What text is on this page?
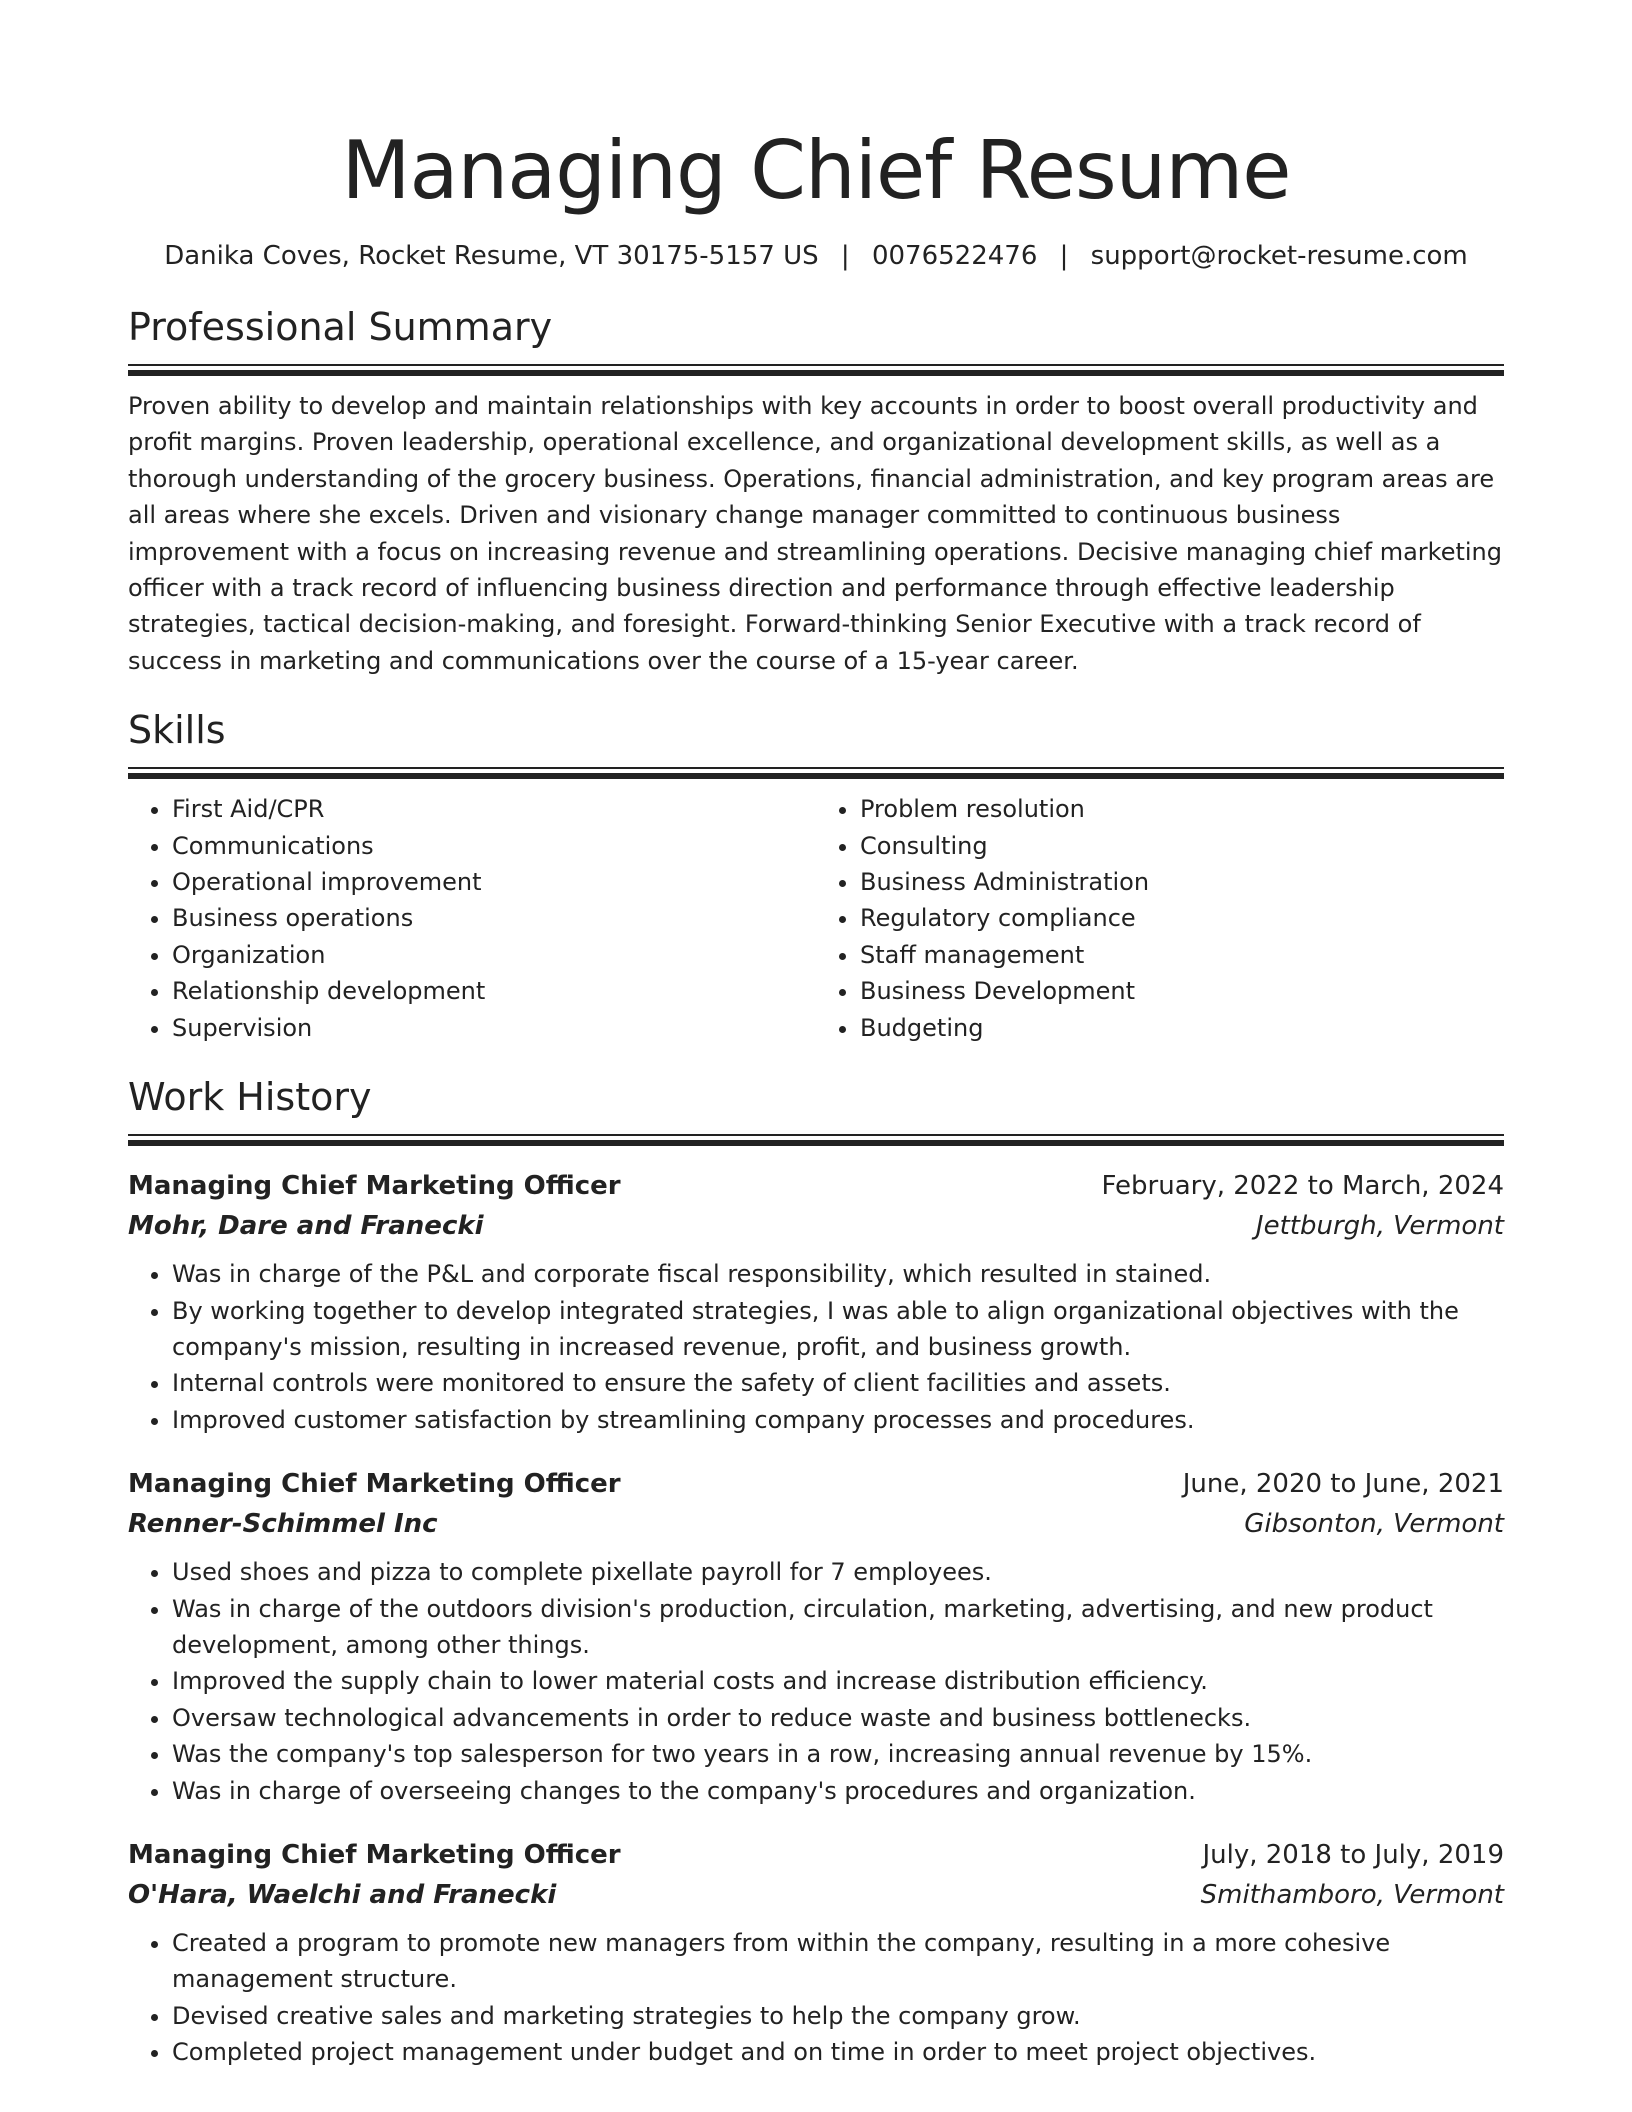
Managing Chief Resume
Danika Coves, Rocket Resume, VT 30175-5157 US | 0076522476 | support@rocket-resume.com
Professional Summary

Proven ability to develop and maintain relationships with key accounts in order to boost overall productivity and profit margins. Proven leadership, operational excellence, and organizational development skills, as well as a thorough understanding of the grocery business. Operations, financial administration, and key program areas are all areas where she excels. Driven and visionary change manager committed to continuous business improvement with a focus on increasing revenue and streamlining operations. Decisive managing chief marketing officer with a track record of influencing business direction and performance through effective leadership strategies, tactical decision-making, and foresight. Forward-thinking Senior Executive with a track record of success in marketing and communications over the course of a 15-year career.

Skills
• First Aid/CPR
• Communications
• Operational improvement
• Business operations
• Organization
• Relationship development
• Supervision
• Problem resolution
• Consulting
• Business Administration
• Regulatory compliance
• Staff management
• Business Development
• Budgeting
Work History
Managing Chief Marketing Officer	February, 2022 to March, 2024
Mohr, Dare and Franecki	Jettburgh, Vermont
• Was in charge of the P&L and corporate fiscal responsibility, which resulted in stained.
• By working together to develop integrated strategies, I was able to align organizational objectives with the company's mission, resulting in increased revenue, profit, and business growth.
• Internal controls were monitored to ensure the safety of client facilities and assets.
• Improved customer satisfaction by streamlining company processes and procedures.
Managing Chief Marketing Officer	June, 2020 to June, 2021
Renner-Schimmel Inc	Gibsonton, Vermont
• Used shoes and pizza to complete pixellate payroll for 7 employees.
• Was in charge of the outdoors division's production, circulation, marketing, advertising, and new product development, among other things.
• Improved the supply chain to lower material costs and increase distribution efficiency.
• Oversaw technological advancements in order to reduce waste and business bottlenecks.
• Was the company's top salesperson for two years in a row, increasing annual revenue by 15%.
• Was in charge of overseeing changes to the company's procedures and organization.
Managing Chief Marketing Officer	July, 2018 to July, 2019
O'Hara, Waelchi and Franecki	Smithamboro, Vermont
• Created a program to promote new managers from within the company, resulting in a more cohesive management structure.
• Devised creative sales and marketing strategies to help the company grow.
• Completed project management under budget and on time in order to meet project objectives.
